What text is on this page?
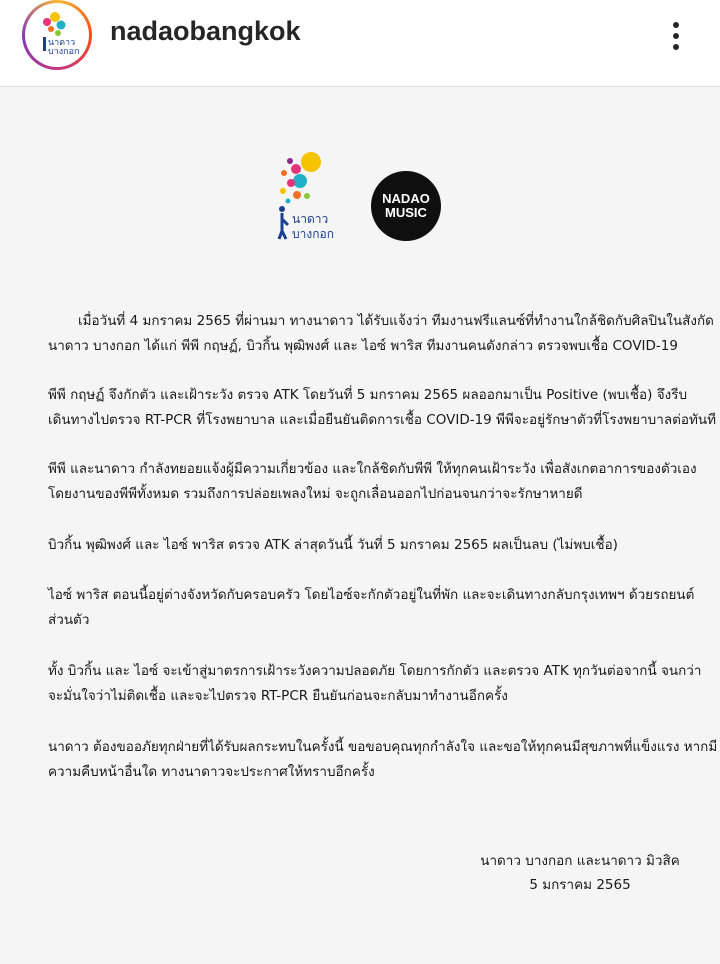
นาดาว
บางกอก
nadaobangkok
นาดาว
บางกอก
NADAO
MUSIC
เมื่อวันที่ 4 มกราคม 2565 ที่ผ่านมา ทางนาดาว ได้รับแจ้งว่า ทีมงานฟรีแลนซ์ที่ทำงานใกล้ชิดกับศิลปินในสังกัด
นาดาว บางกอก ได้แก่ พีพี กฤษฏ์, บิวกิ้น พุฒิพงศ์ และ ไอซ์ พาริส ทีมงานคนดังกล่าว ตรวจพบเชื้อ COVID-19
พีพี กฤษฏ์ จึงกักตัว และเฝ้าระวัง ตรวจ ATK โดยวันที่ 5 มกราคม 2565 ผลออกมาเป็น Positive (พบเชื้อ) จึงรีบ
เดินทางไปตรวจ RT-PCR ที่โรงพยาบาล และเมื่อยืนยันติดการเชื้อ COVID-19 พีพีจะอยู่รักษาตัวที่โรงพยาบาลต่อทันที
พีพี และนาดาว กำลังทยอยแจ้งผู้มีความเกี่ยวข้อง และใกล้ชิดกับพีพี ให้ทุกคนเฝ้าระวัง เพื่อสังเกตอาการของตัวเอง
โดยงานของพีพีทั้งหมด รวมถึงการปล่อยเพลงใหม่ จะถูกเลื่อนออกไปก่อนจนกว่าจะรักษาหายดี
บิวกิ้น พุฒิพงศ์ และ ไอซ์ พาริส ตรวจ ATK ล่าสุดวันนี้ วันที่ 5 มกราคม 2565 ผลเป็นลบ (ไม่พบเชื้อ)
ไอซ์ พาริส ตอนนี้อยู่ต่างจังหวัดกับครอบครัว โดยไอซ์จะกักตัวอยู่ในที่พัก และจะเดินทางกลับกรุงเทพฯ ด้วยรถยนต์
ส่วนตัว
ทั้ง บิวกิ้น และ ไอซ์ จะเข้าสู่มาตรการเฝ้าระวังความปลอดภัย โดยการกักตัว และตรวจ ATK ทุกวันต่อจากนี้ จนกว่า
จะมั่นใจว่าไม่ติดเชื้อ และจะไปตรวจ RT-PCR ยืนยันก่อนจะกลับมาทำงานอีกครั้ง
นาดาว ต้องขออภัยทุกฝ่ายที่ได้รับผลกระทบในครั้งนี้ ขอขอบคุณทุกกำลังใจ และขอให้ทุกคนมีสุขภาพที่แข็งแรง หากมี
ความคืบหน้าอื่นใด ทางนาดาวจะประกาศให้ทราบอีกครั้ง
นาดาว บางกอก และนาดาว มิวสิค
5 มกราคม 2565
